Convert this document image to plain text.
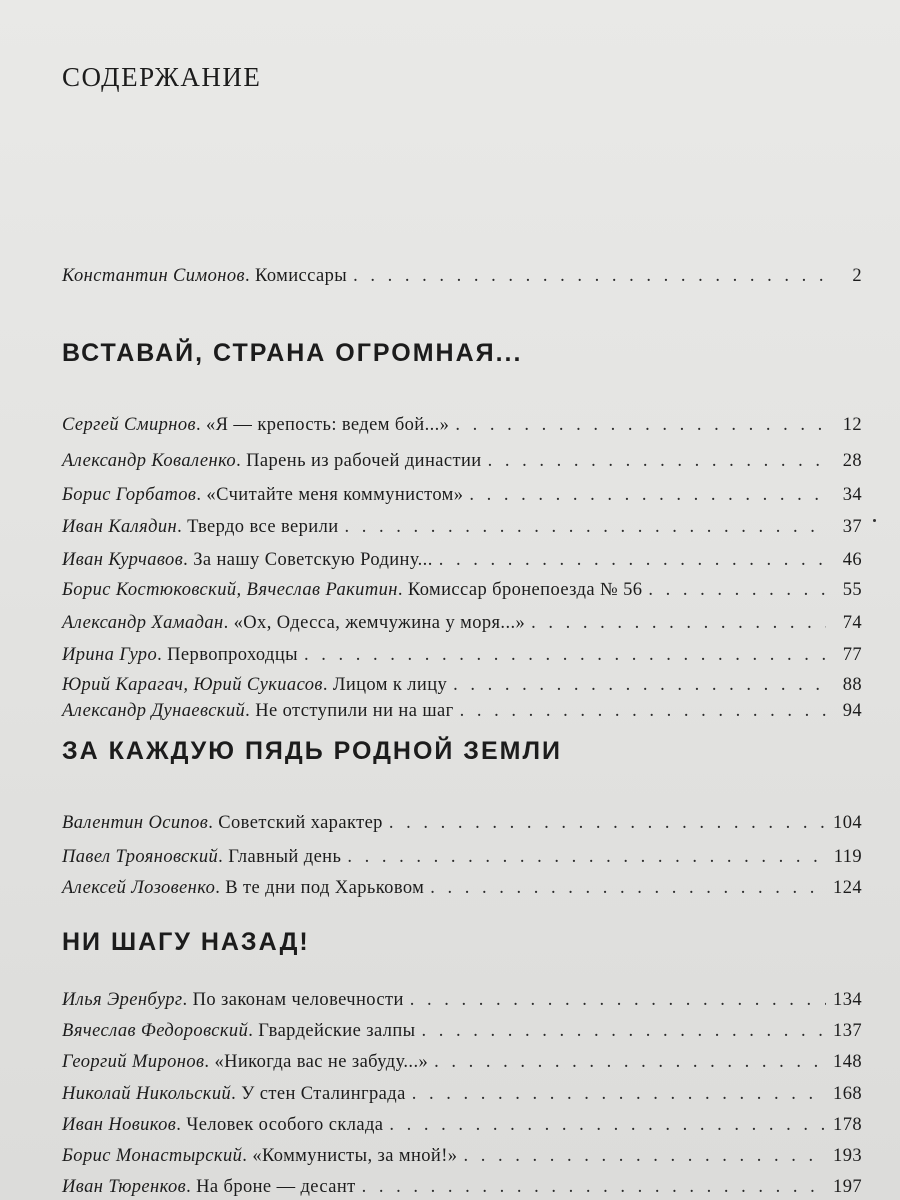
СОДЕРЖАНИЕ
Константин Симонов . Комиссары . . .	2
ВСТАВАЙ, СТРАНА ОГРОМНАЯ...
Сергей Смирнов . «Я — крепость: ведем бой...» . . .	12
Александр Коваленко . Парень из рабочей династии . . .	28
Борис Горбатов . «Считайте меня коммунистом» . . .	34
Иван Калядин . Твердо все верили . . .	37
Иван Курчавов . За нашу Советскую Родину... . . .	46
Борис Костюковский, Вячеслав Ракитин . Комиссар бронепоезда № 56 . . .	55
Александр Хамадан . «Ох, Одесса, жемчужина у моря...» . . .	74
Ирина Гуро . Первопроходцы . . .	77
Юрий Карагач, Юрий Сукиасов . Лицом к лицу . . .	88
Александр Дунаевский . Не отступили ни на шаг . . .	94
ЗА КАЖДУЮ ПЯДЬ РОДНОЙ ЗЕМЛИ
Валентин Осипов . Советский характер . . .	104
Павел Трояновский . Главный день . . .	119
Алексей Лозовенко . В те дни под Харьковом . . .	124
НИ ШАГУ НАЗАД!
Илья Эренбург . По законам человечности . . .	134
Вячеслав Федоровский . Гвардейские залпы . . .	137
Георгий Миронов . «Никогда вас не забуду...» . . .	148
Николай Никольский . У стен Сталинграда . . .	168
Иван Новиков . Человек особого склада . . .	178
Борис Монастырский . «Коммунисты, за мной!» . . .	193
Иван Тюренков . На броне — десант . . .	197
